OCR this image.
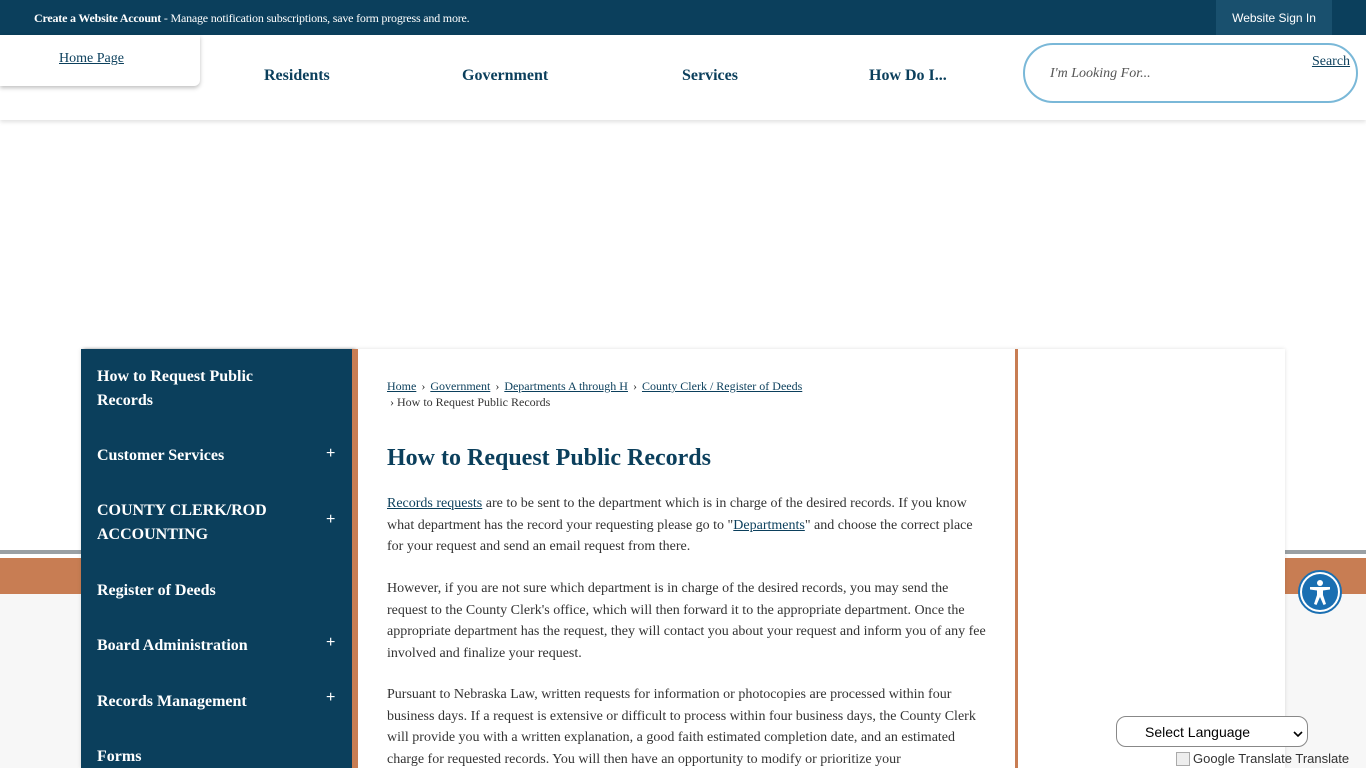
Create a Website Account - Manage notification subscriptions, save form progress and more.	Website Sign In
Home Page
Residents	Government	Services	How Do I...	I'm Looking For...
Search
How to Request Public Records
Customer Services	+
COUNTY CLERK/ROD ACCOUNTING
+
Register of Deeds
Board Administration	+
Records Management	+
Forms
Home › Government › Departments A through H › County Clerk / Register of Deeds
› How to Request Public Records
How to Request Public Records
Records requests are to be sent to the department which is in charge of the desired records. If you know what department has the record your requesting please go to "Departments" and choose the correct place for your request and send an email request from there.
However, if you are not sure which department is in charge of the desired records, you may send the request to the County Clerk's office, which will then forward it to the appropriate department. Once the appropriate department has the request, they will contact you about your request and inform you of any fee involved and finalize your request.
Pursuant to Nebraska Law, written requests for information or photocopies are processed within four business days. If a request is extensive or difficult to process within four business days, the County Clerk will provide you with a written explanation, a good faith estimated completion date, and an estimated charge for requested records. You will then have an opportunity to modify or prioritize your
Select Language
Google Translate Translate
